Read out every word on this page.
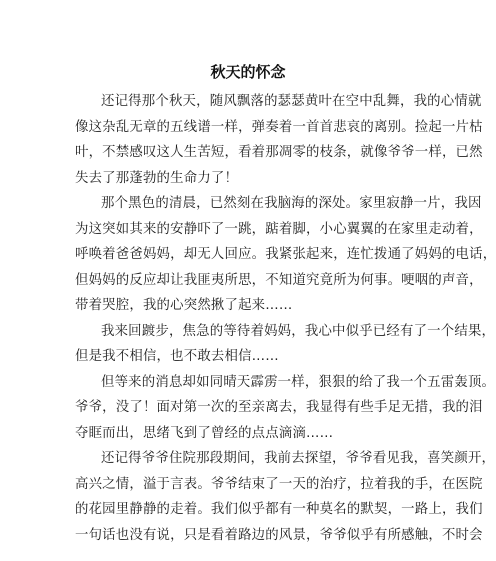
秋天的怀念
还记得那个秋天，随风飘落的瑟瑟黄叶在空中乱舞，我的心情就
像这杂乱无章的五线谱一样，弹奏着一首首悲哀的离别。捡起一片枯
叶，不禁感叹这人生苦短，看着那凋零的枝条，就像爷爷一样，已然
失去了那蓬勃的生命力了！
那个黑色的清晨，已然刻在我脑海的深处。家里寂静一片，我因
为这突如其来的安静吓了一跳，踮着脚，小心翼翼的在家里走动着，
呼唤着爸爸妈妈，却无人回应。我紧张起来，连忙拨通了妈妈的电话，
但妈妈的反应却让我匪夷所思，不知道究竟所为何事。哽咽的声音，
带着哭腔，我的心突然揪了起来……
我来回踱步，焦急的等待着妈妈，我心中似乎已经有了一个结果，
但是我不相信，也不敢去相信……
但等来的消息却如同晴天霹雳一样，狠狠的给了我一个五雷轰顶。
爷爷，没了！面对第一次的至亲离去，我显得有些手足无措，我的泪
夺眶而出，思绪飞到了曾经的点点滴滴……
还记得爷爷住院那段期间，我前去探望，爷爷看见我，喜笑颜开，
高兴之情，溢于言表。爷爷结束了一天的治疗，拉着我的手，在医院
的花园里静静的走着。我们似乎都有一种莫名的默契，一路上，我们
一句话也没有说，只是看着路边的风景，爷爷似乎有所感触，不时会
